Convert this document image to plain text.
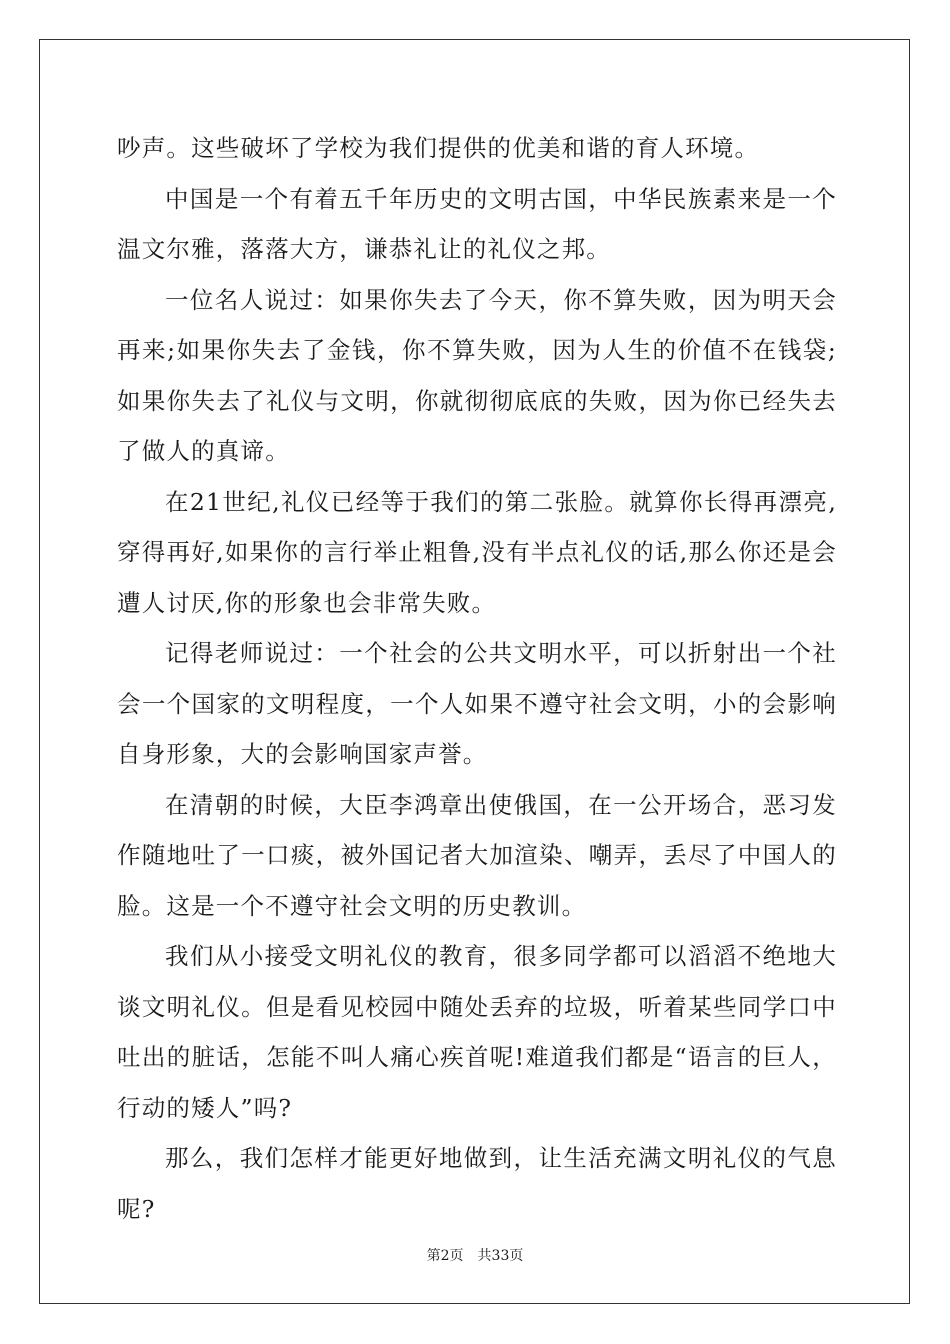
吵声。这些破坏了学校为我们提供的优美和谐的育人环境。

中国是一个有着五千年历史的文明古国，中华民族素来是一个温文尔雅，落落大方，谦恭礼让的礼仪之邦。

一位名人说过：如果你失去了今天，你不算失败，因为明天会再来;如果你失去了金钱，你不算失败，因为人生的价值不在钱袋;如果你失去了礼仪与文明，你就彻彻底底的失败，因为你已经失去了做人的真谛。

在21世纪,礼仪已经等于我们的第二张脸。就算你长得再漂亮,穿得再好,如果你的言行举止粗鲁,没有半点礼仪的话,那么你还是会遭人讨厌,你的形象也会非常失败。

记得老师说过：一个社会的公共文明水平，可以折射出一个社会一个国家的文明程度，一个人如果不遵守社会文明，小的会影响自身形象，大的会影响国家声誉。

在清朝的时候，大臣李鸿章出使俄国，在一公开场合，恶习发作随地吐了一口痰，被外国记者大加渲染、嘲弄，丢尽了中国人的脸。这是一个不遵守社会文明的历史教训。

我们从小接受文明礼仪的教育，很多同学都可以滔滔不绝地大谈文明礼仪。但是看见校园中随处丢弃的垃圾，听着某些同学口中吐出的脏话，怎能不叫人痛心疾首呢!难道我们都是“语言的巨人，行动的矮人”吗?

那么，我们怎样才能更好地做到，让生活充满文明礼仪的气息呢?

第2页 共33页
